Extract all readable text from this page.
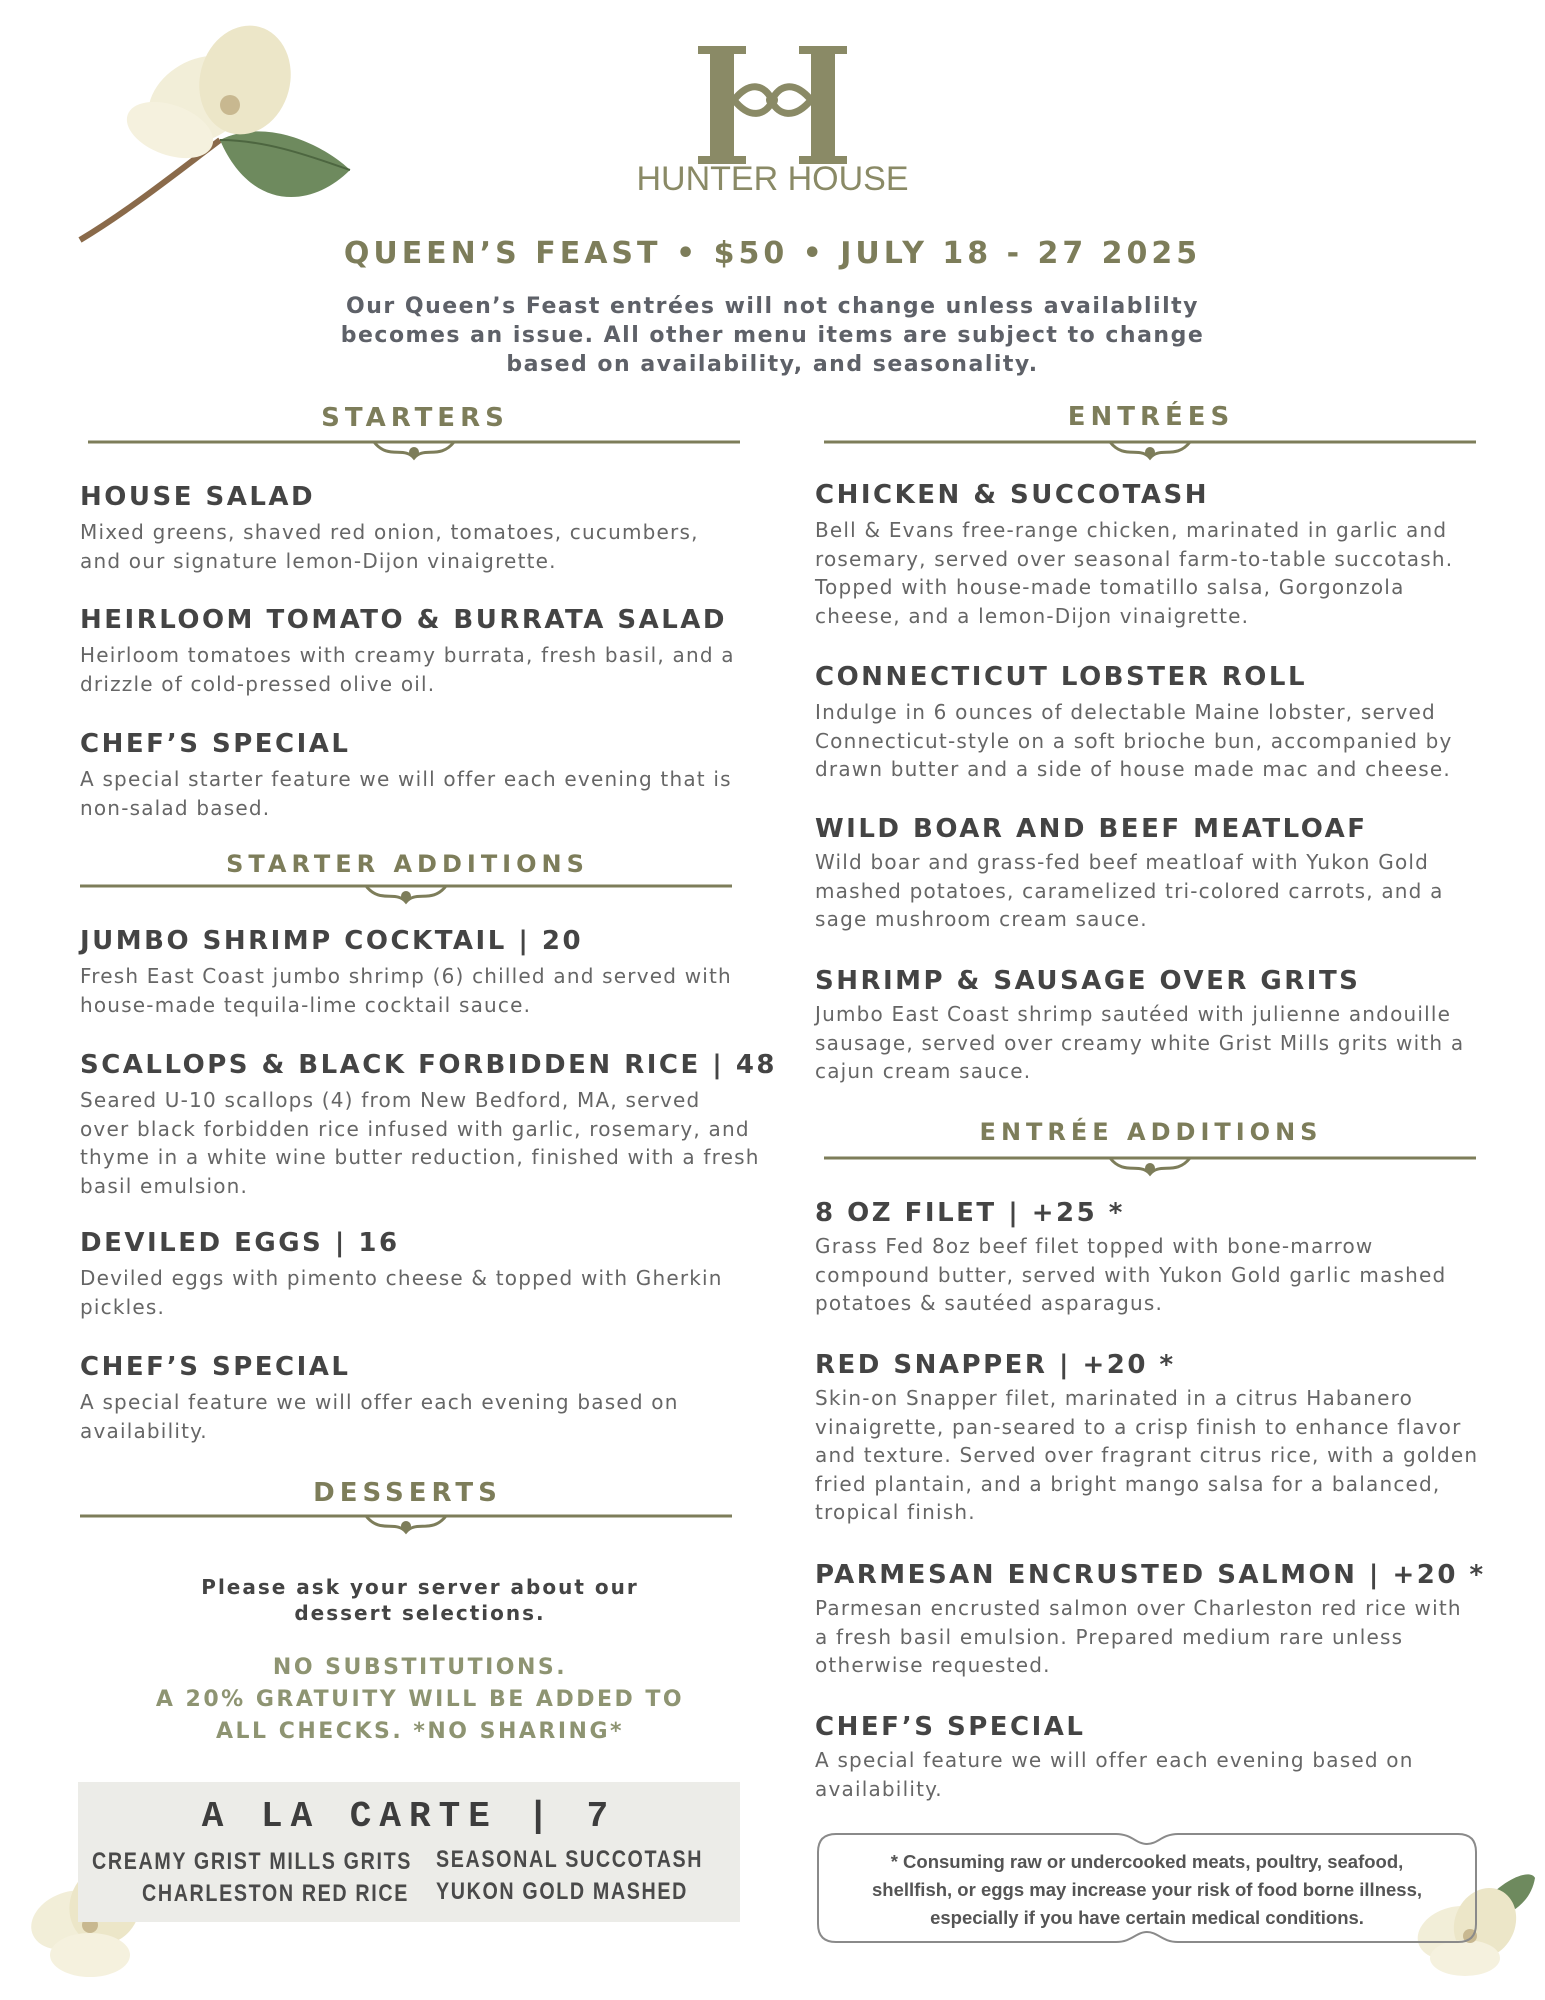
HUNTER HOUSE
QUEEN’S FEAST • $50 • JULY 18 - 27 2025
Our Queen’s Feast entrées will not change unless availablilty
becomes an issue. All other menu items are subject to change
based on availability, and seasonality.
STARTERS
HOUSE SALAD
Mixed greens, shaved red onion, tomatoes, cucumbers,
and our signature lemon-Dijon vinaigrette.
HEIRLOOM TOMATO & BURRATA SALAD
Heirloom tomatoes with creamy burrata, fresh basil, and a
drizzle of cold-pressed olive oil.
CHEF’S SPECIAL
A special starter feature we will offer each evening that is
non-salad based.
STARTER ADDITIONS
JUMBO SHRIMP COCKTAIL | 20
Fresh East Coast jumbo shrimp (6) chilled and served with
house-made tequila-lime cocktail sauce.
SCALLOPS & BLACK FORBIDDEN RICE | 48
Seared U-10 scallops (4) from New Bedford, MA, served
over black forbidden rice infused with garlic, rosemary, and
thyme in a white wine butter reduction, finished with a fresh
basil emulsion.
DEVILED EGGS | 16
Deviled eggs with pimento cheese & topped with Gherkin
pickles.
CHEF’S SPECIAL
A special feature we will offer each evening based on
availability.
DESSERTS
Please ask your server about our
dessert selections.
NO SUBSTITUTIONS.
A 20% GRATUITY WILL BE ADDED TO
ALL CHECKS. *NO SHARING*
A LA CARTE | 7
CREAMY GRIST MILLS GRITS
CHARLESTON RED RICE
SEASONAL SUCCOTASH
YUKON GOLD MASHED
ENTRÉES
CHICKEN & SUCCOTASH
Bell & Evans free-range chicken, marinated in garlic and
rosemary, served over seasonal farm-to-table succotash.
Topped with house-made tomatillo salsa, Gorgonzola
cheese, and a lemon-Dijon vinaigrette.
CONNECTICUT LOBSTER ROLL
Indulge in 6 ounces of delectable Maine lobster, served
Connecticut-style on a soft brioche bun, accompanied by
drawn butter and a side of house made mac and cheese.
WILD BOAR AND BEEF MEATLOAF
Wild boar and grass-fed beef meatloaf with Yukon Gold
mashed potatoes, caramelized tri-colored carrots, and a
sage mushroom cream sauce.
SHRIMP & SAUSAGE OVER GRITS
Jumbo East Coast shrimp sautéed with julienne andouille
sausage, served over creamy white Grist Mills grits with a
cajun cream sauce.
ENTRÉE ADDITIONS
8 OZ FILET | +25 *
Grass Fed 8oz beef filet topped with bone-marrow
compound butter, served with Yukon Gold garlic mashed
potatoes & sautéed asparagus.
RED SNAPPER | +20 *
Skin-on Snapper filet, marinated in a citrus Habanero
vinaigrette, pan-seared to a crisp finish to enhance flavor
and texture. Served over fragrant citrus rice, with a golden
fried plantain, and a bright mango salsa for a balanced,
tropical finish.
PARMESAN ENCRUSTED SALMON | +20 *
Parmesan encrusted salmon over Charleston red rice with
a fresh basil emulsion. Prepared medium rare unless
otherwise requested.
CHEF’S SPECIAL
A special feature we will offer each evening based on
availability.
* Consuming raw or undercooked meats, poultry, seafood,
shellfish, or eggs may increase your risk of food borne illness,
especially if you have certain medical conditions.
